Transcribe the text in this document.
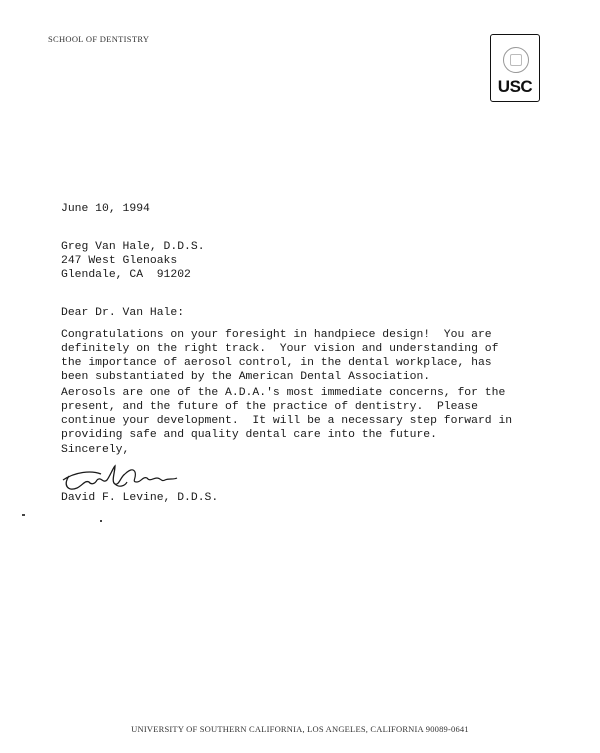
SCHOOL OF DENTISTRY
USC
June 10, 1994
Greg Van Hale, D.D.S.
247 West Glenoaks
Glendale, CA  91202
Dear Dr. Van Hale:
Congratulations on your foresight in handpiece design!  You are
definitely on the right track.  Your vision and understanding of
the importance of aerosol control, in the dental workplace, has
been substantiated by the American Dental Association.
Aerosols are one of the A.D.A.'s most immediate concerns, for the
present, and the future of the practice of dentistry.  Please
continue your development.  It will be a necessary step forward in
providing safe and quality dental care into the future.
Sincerely,
David F. Levine, D.D.S.
UNIVERSITY OF SOUTHERN CALIFORNIA, LOS ANGELES, CALIFORNIA 90089-0641
